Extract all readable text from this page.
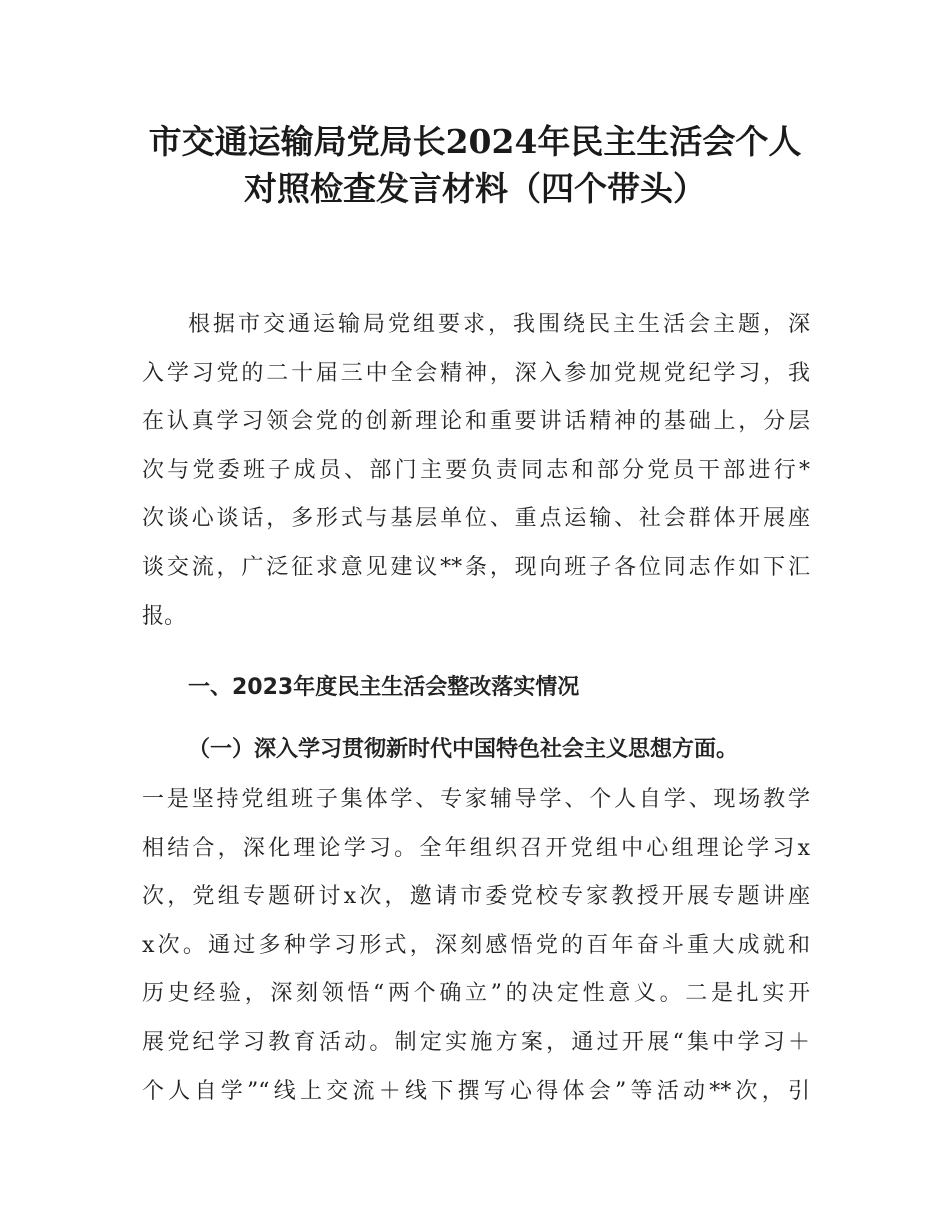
市交通运输局党局长2024年民主生活会个人
对照检查发言材料（四个带头）
根据市交通运输局党组要求，我围绕民主生活会主题，深
入学习党的二十届三中全会精神，深入参加党规党纪学习，我
在认真学习领会党的创新理论和重要讲话精神的基础上，分层
次与党委班子成员、部门主要负责同志和部分党员干部进行*
次谈心谈话，多形式与基层单位、重点运输、社会群体开展座
谈交流，广泛征求意见建议**条，现向班子各位同志作如下汇
报。
一、2023年度民主生活会整改落实情况
（一）深入学习贯彻新时代中国特色社会主义思想方面。
一是坚持党组班子集体学、专家辅导学、个人自学、现场教学
相结合，深化理论学习。全年组织召开党组中心组理论学习x
次，党组专题研讨x次，邀请市委党校专家教授开展专题讲座
x次。通过多种学习形式，深刻感悟党的百年奋斗重大成就和
历史经验，深刻领悟“两个确立”的决定性意义。二是扎实开
展党纪学习教育活动。制定实施方案，通过开展“集中学习＋
个人自学”“线上交流＋线下撰写心得体会”等活动**次，引
